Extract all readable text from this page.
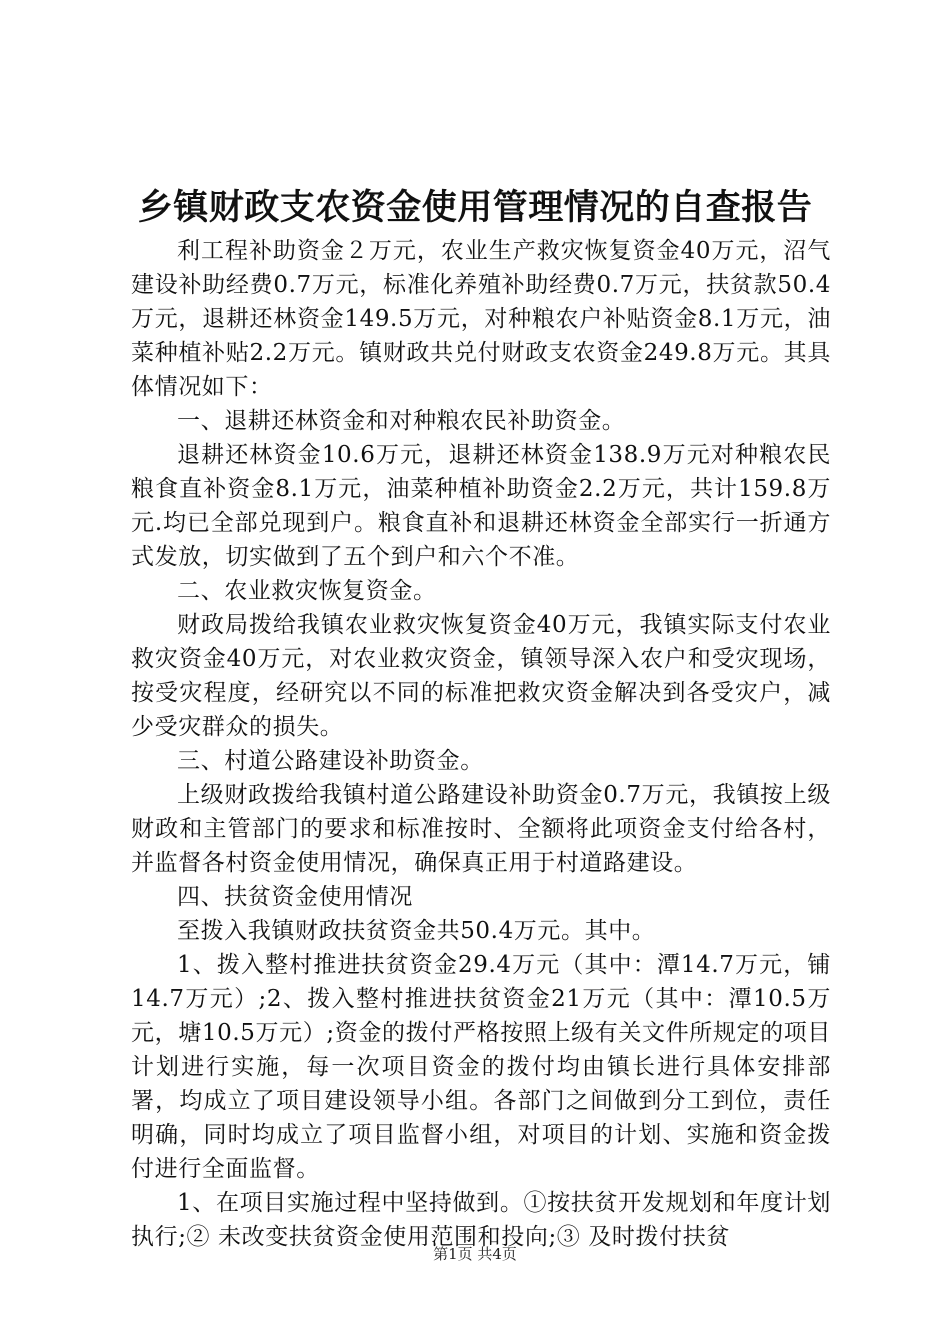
乡镇财政支农资金使用管理情况的自查报告

利工程补助资金２万元，农业生产救灾恢复资金40万元，沼气建设补助经费0.7万元，标准化养殖补助经费0.7万元，扶贫款50.4万元，退耕还林资金149.5万元，对种粮农户补贴资金8.1万元，油菜种植补贴2.2万元。镇财政共兑付财政支农资金249.8万元。其具体情况如下：

一、退耕还林资金和对种粮农民补助资金。

退耕还林资金10.6万元，退耕还林资金138.9万元对种粮农民粮食直补资金8.1万元，油菜种植补助资金2.2万元，共计159.8万元.均已全部兑现到户。粮食直补和退耕还林资金全部实行一折通方式发放，切实做到了五个到户和六个不准。

二、农业救灾恢复资金。

财政局拨给我镇农业救灾恢复资金40万元，我镇实际支付农业救灾资金40万元，对农业救灾资金，镇领导深入农户和受灾现场，按受灾程度，经研究以不同的标准把救灾资金解决到各受灾户，减少受灾群众的损失。

三、村道公路建设补助资金。

上级财政拨给我镇村道公路建设补助资金0.7万元，我镇按上级财政和主管部门的要求和标准按时、全额将此项资金支付给各村，并监督各村资金使用情况，确保真正用于村道路建设。

四、扶贫资金使用情况

至拨入我镇财政扶贫资金共50.4万元。其中。

1、拨入整村推进扶贫资金29.4万元（其中：潭14.7万元，铺14.7万元）;2、拨入整村推进扶贫资金21万元（其中：潭10.5万元，塘10.5万元）;资金的拨付严格按照上级有关文件所规定的项目计划进行实施，每一次项目资金的拨付均由镇长进行具体安排部署，均成立了项目建设领导小组。各部门之间做到分工到位，责任明确，同时均成立了项目监督小组，对项目的计划、实施和资金拨付进行全面监督。

1、在项目实施过程中坚持做到。①按扶贫开发规划和年度计划执行;② 未改变扶贫资金使用范围和投向;③ 及时拨付扶贫

第1页 共4页
